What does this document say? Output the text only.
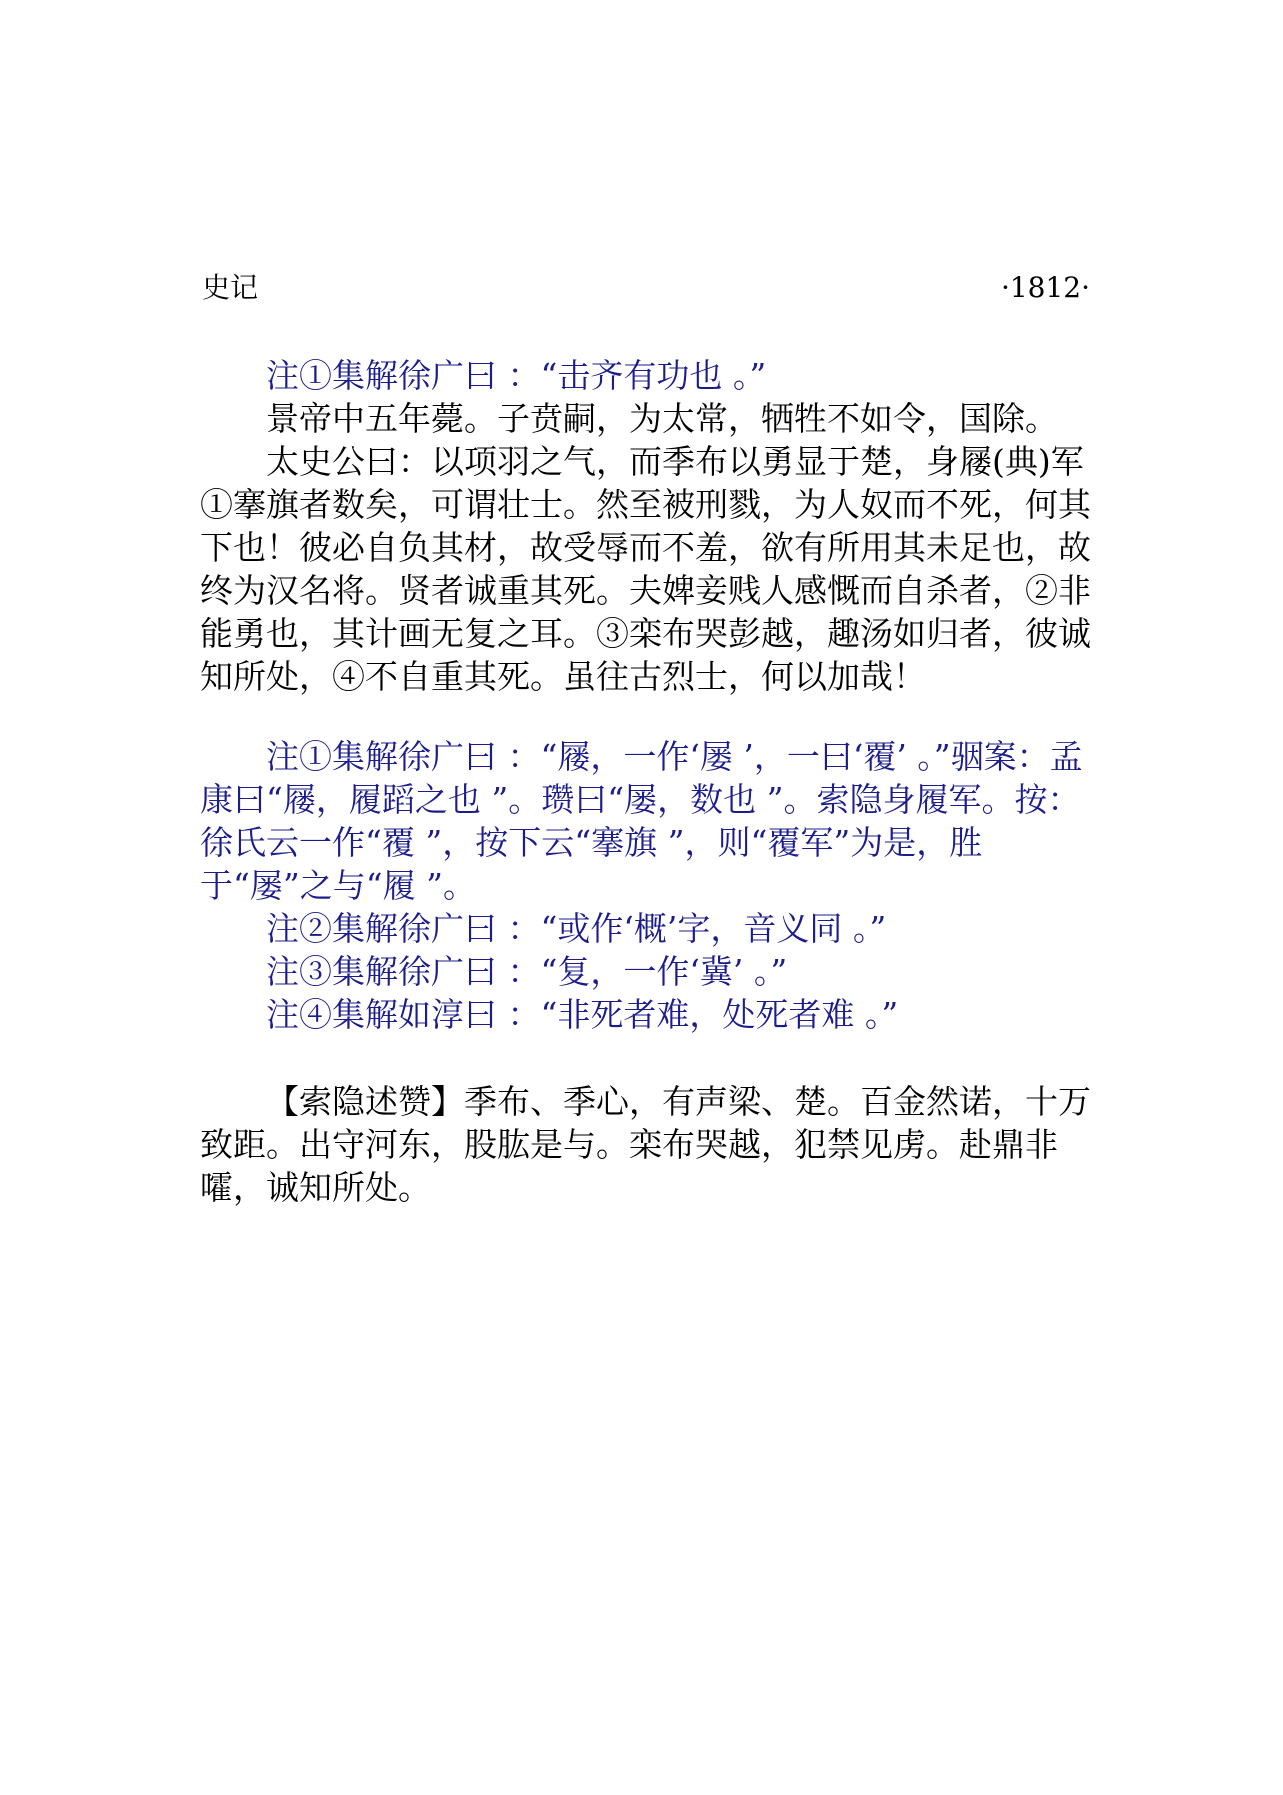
史记	·1812·

注①集解徐广曰 ：“击齐有功也 。”

景帝中五年薨。子贲嗣，为太常，牺牲不如令，国除。

太史公曰：以项羽之气，而季布以勇显于楚，身屦(典)军①搴旗者数矣，可谓壮士。然至被刑戮，为人奴而不死，何其下也！彼必自负其材，故受辱而不羞，欲有所用其未足也，故终为汉名将。贤者诚重其死。夫婢妾贱人感慨而自杀者，②非能勇也，其计画无复之耳。③栾布哭彭越，趣汤如归者，彼诚知所处，④不自重其死。虽往古烈士，何以加哉！

注①集解徐广曰 ：“屦，一作‘屡 ’，一曰‘覆’ 。”骃案：孟康曰“屦，履蹈之也 ”。瓒曰“屡，数也 ”。索隐身履军。按：徐氏云一作“覆 ”，按下云“搴旗 ”，则“覆军”为是，胜于“屡”之与“履 ”。

注②集解徐广曰 ：“或作‘概’字，音义同 。”

注③集解徐广曰 ：“复，一作‘冀’ 。”

注④集解如淳曰 ：“非死者难，处死者难 。”

【索隐述赞】季布、季心，有声梁、楚。百金然诺，十万致距。出守河东，股肱是与。栾布哭越，犯禁见虏。赴鼎非嚯，诚知所处。
